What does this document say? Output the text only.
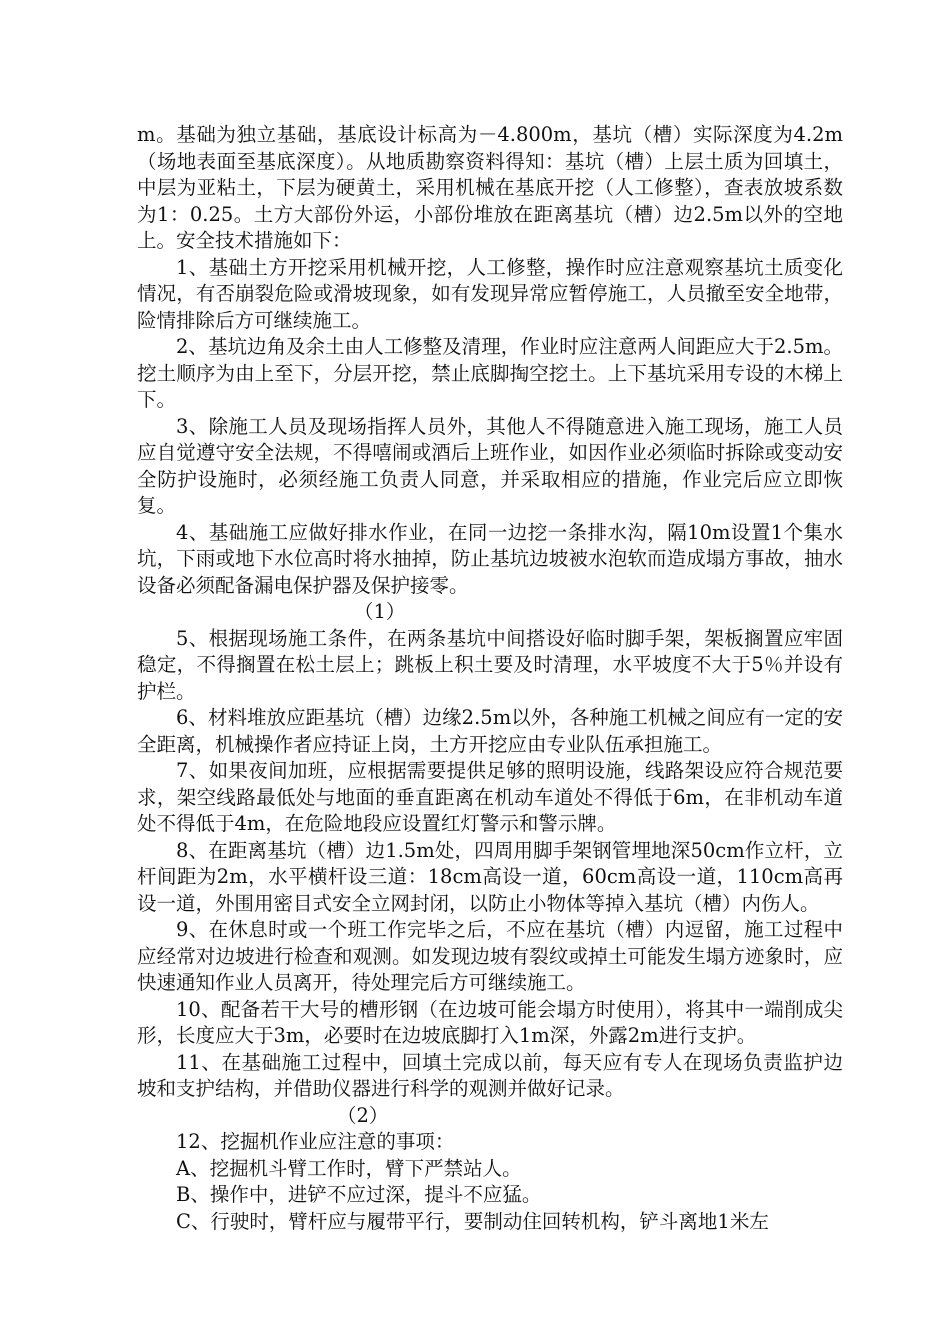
m。基础为独立基础，基底设计标高为－4.800m，基坑（槽）实际深度为4.2m（场地表面至基底深度）。从地质勘察资料得知：基坑（槽）上层土质为回填土，中层为亚粘土，下层为硬黄土，采用机械在基底开挖（人工修整），查表放坡系数为1：0.25。土方大部份外运，小部份堆放在距离基坑（槽）边2.5m以外的空地上。安全技术措施如下：

1、基础土方开挖采用机械开挖，人工修整，操作时应注意观察基坑土质变化情况，有否崩裂危险或滑坡现象，如有发现异常应暂停施工，人员撤至安全地带，险情排除后方可继续施工。

2、基坑边角及余土由人工修整及清理，作业时应注意两人间距应大于2.5m。挖土顺序为由上至下，分层开挖，禁止底脚掏空挖土。上下基坑采用专设的木梯上下。

3、除施工人员及现场指挥人员外，其他人不得随意进入施工现场，施工人员应自觉遵守安全法规，不得嘻闹或酒后上班作业，如因作业必须临时拆除或变动安全防护设施时，必须经施工负责人同意，并采取相应的措施，作业完后应立即恢复。

4、基础施工应做好排水作业，在同一边挖一条排水沟，隔10m设置1个集水坑，下雨或地下水位高时将水抽掉，防止基坑边坡被水泡软而造成塌方事故，抽水设备必须配备漏电保护器及保护接零。

（1）

5、根据现场施工条件，在两条基坑中间搭设好临时脚手架，架板搁置应牢固稳定，不得搁置在松土层上；跳板上积土要及时清理，水平坡度不大于5％并设有护栏。

6、材料堆放应距基坑（槽）边缘2.5m以外，各种施工机械之间应有一定的安全距离，机械操作者应持证上岗，土方开挖应由专业队伍承担施工。

7、如果夜间加班，应根据需要提供足够的照明设施，线路架设应符合规范要求，架空线路最低处与地面的垂直距离在机动车道处不得低于6m，在非机动车道处不得低于4m，在危险地段应设置红灯警示和警示牌。

8、在距离基坑（槽）边1.5m处，四周用脚手架钢管埋地深50cm作立杆，立杆间距为2m，水平横杆设三道：18cm高设一道，60cm高设一道，110cm高再设一道，外围用密目式安全立网封闭，以防止小物体等掉入基坑（槽）内伤人。

9、在休息时或一个班工作完毕之后，不应在基坑（槽）内逗留，施工过程中应经常对边坡进行检查和观测。如发现边坡有裂纹或掉土可能发生塌方迹象时，应快速通知作业人员离开，待处理完后方可继续施工。

10、配备若干大号的槽形钢（在边坡可能会塌方时使用），将其中一端削成尖形，长度应大于3m，必要时在边坡底脚打入1m深，外露2m进行支护。

11、在基础施工过程中，回填土完成以前，每天应有专人在现场负责监护边坡和支护结构，并借助仪器进行科学的观测并做好记录。

（2）

12、挖掘机作业应注意的事项：

A、挖掘机斗臂工作时，臂下严禁站人。

B、操作中，进铲不应过深，提斗不应猛。

C、行驶时，臂杆应与履带平行，要制动住回转机构，铲斗离地1米左
